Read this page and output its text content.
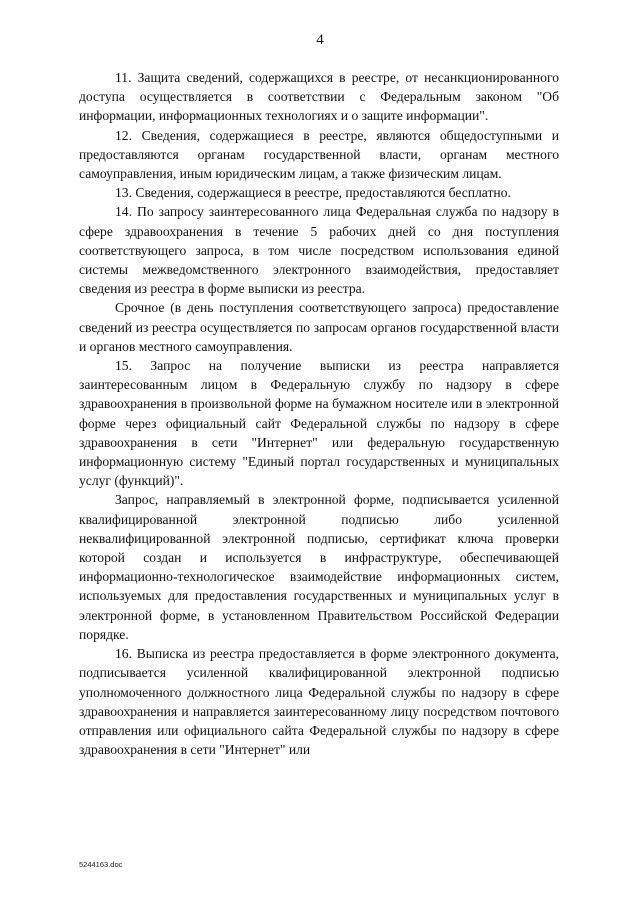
4

11. Защита сведений, содержащихся в реестре, от несанкционированного доступа осуществляется в соответствии с Федеральным законом "Об информации, информационных технологиях и о защите информации".

12. Сведения, содержащиеся в реестре, являются общедоступными и предоставляются органам государственной власти, органам местного самоуправления, иным юридическим лицам, а также физическим лицам.

13. Сведения, содержащиеся в реестре, предоставляются бесплатно.

14. По запросу заинтересованного лица Федеральная служба по надзору в сфере здравоохранения в течение 5 рабочих дней со дня поступления соответствующего запроса, в том числе посредством использования единой системы межведомственного электронного взаимодействия, предоставляет сведения из реестра в форме выписки из реестра.

Срочное (в день поступления соответствующего запроса) предоставление сведений из реестра осуществляется по запросам органов государственной власти и органов местного самоуправления.

15. Запрос на получение выписки из реестра направляется заинтересованным лицом в Федеральную службу по надзору в сфере здравоохранения в произвольной форме на бумажном носителе или в электронной форме через официальный сайт Федеральной службы по надзору в сфере здравоохранения в сети "Интернет" или федеральную государственную информационную систему "Единый портал государственных и муниципальных услуг (функций)".

Запрос, направляемый в электронной форме, подписывается усиленной квалифицированной электронной подписью либо усиленной неквалифицированной электронной подписью, сертификат ключа проверки которой создан и используется в инфраструктуре, обеспечивающей информационно-технологическое взаимодействие информационных систем, используемых для предоставления государственных и муниципальных услуг в электронной форме, в установленном Правительством Российской Федерации порядке.

16. Выписка из реестра предоставляется в форме электронного документа, подписывается усиленной квалифицированной электронной подписью уполномоченного должностного лица Федеральной службы по надзору в сфере здравоохранения и направляется заинтересованному лицу посредством почтового отправления или официального сайта Федеральной службы по надзору в сфере здравоохранения в сети "Интернет" или

5244163.doc
